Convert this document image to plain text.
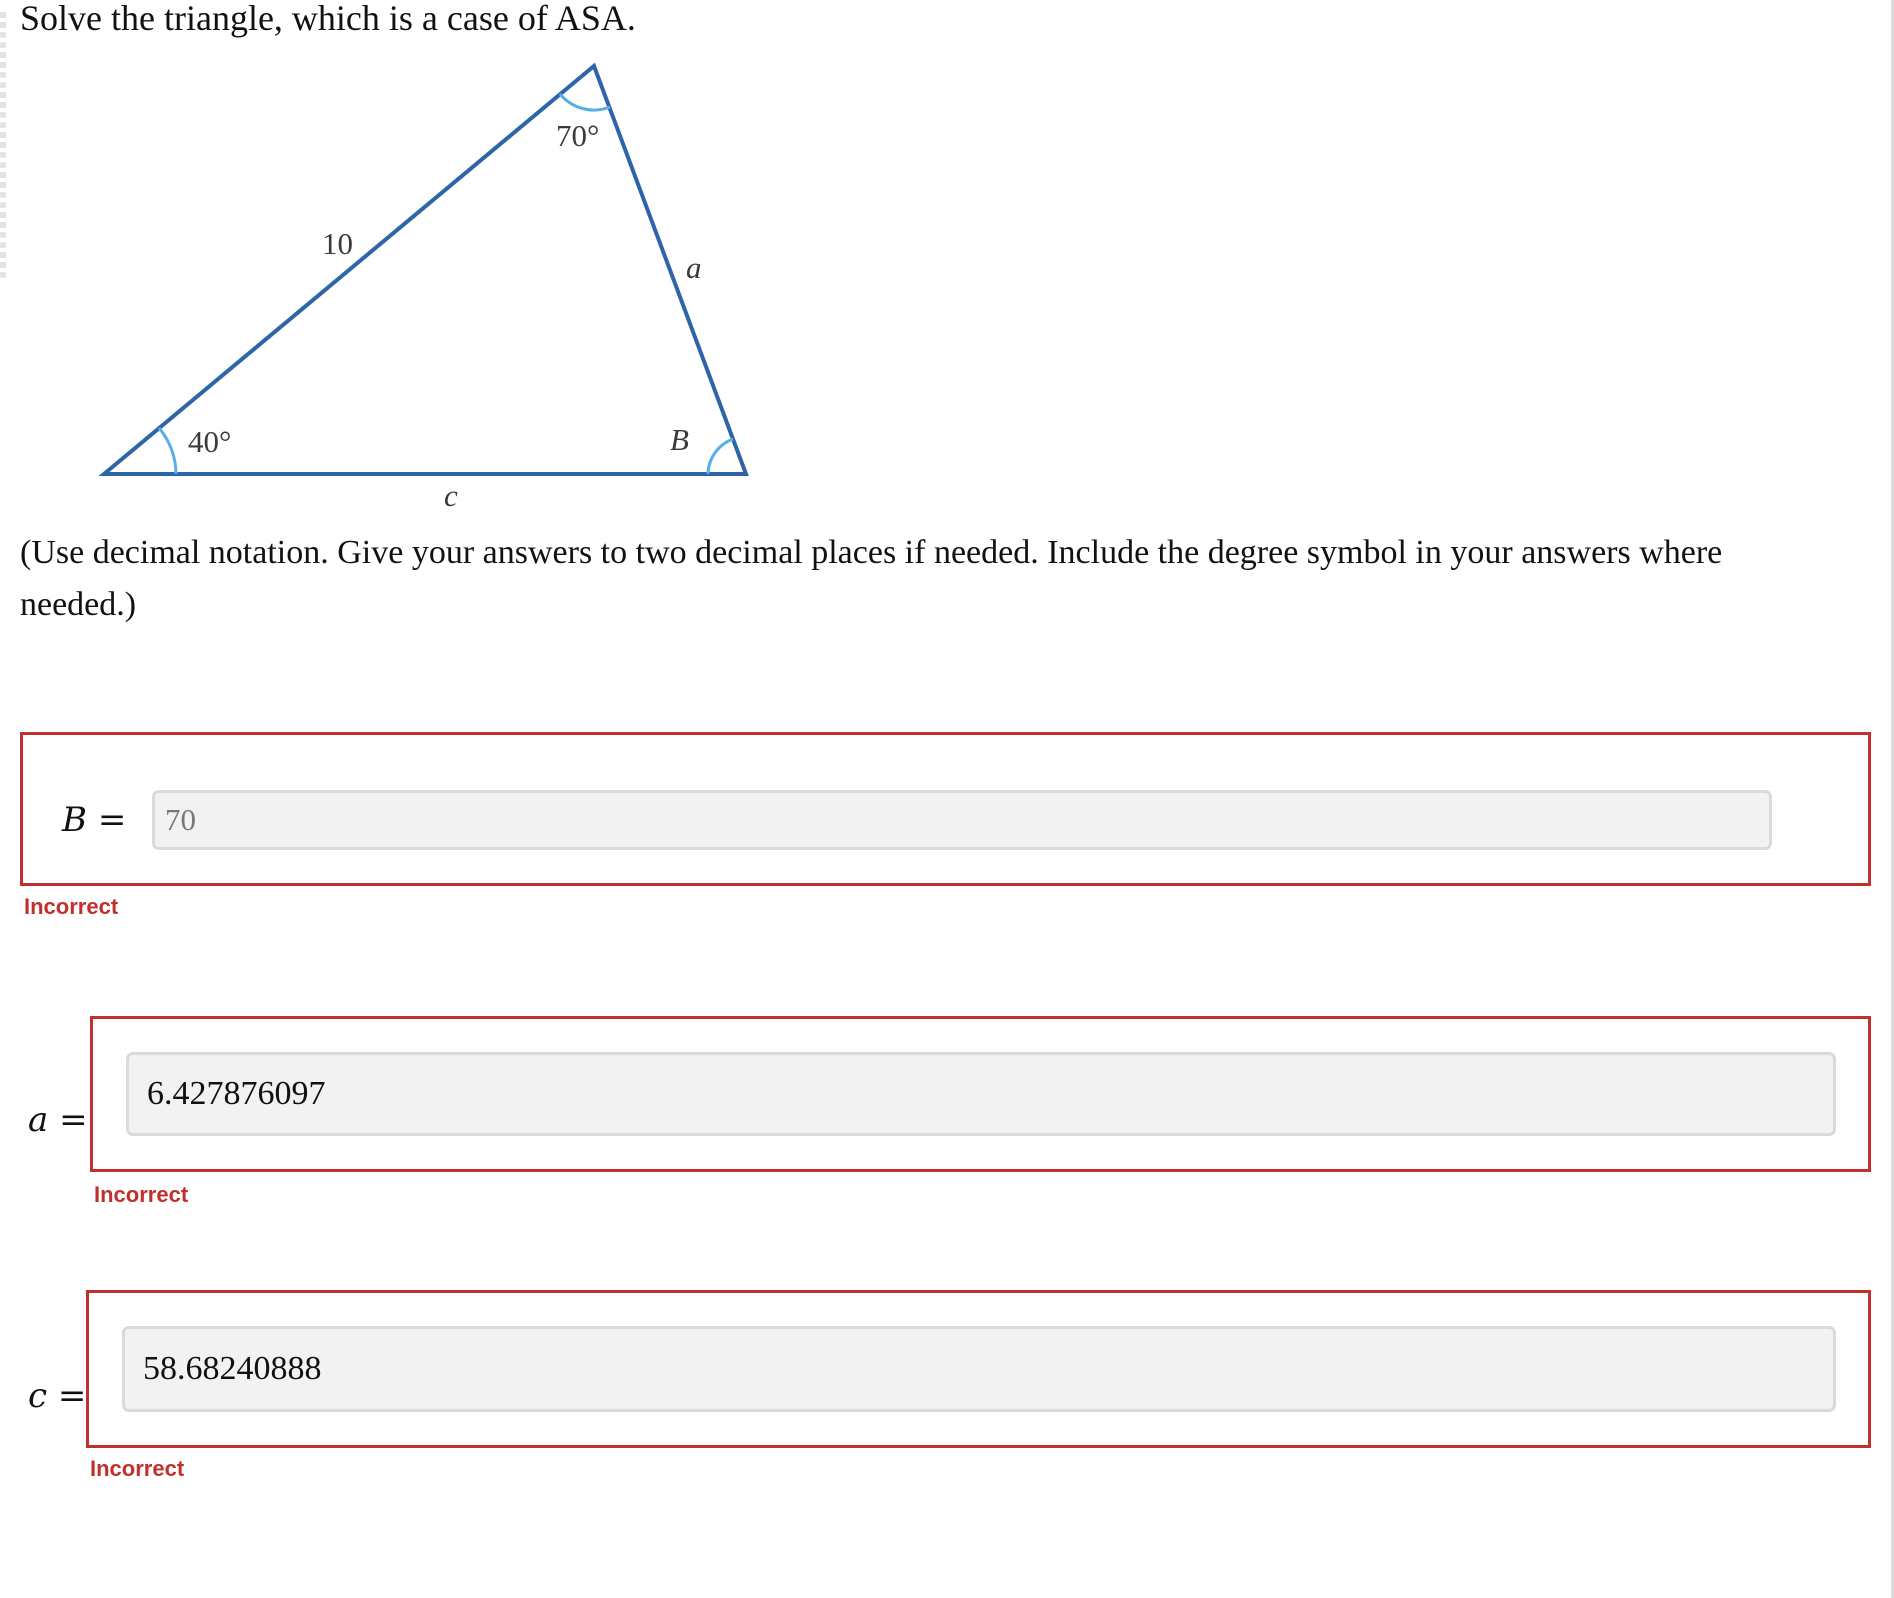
Solve the triangle, which is a case of ASA.
40°
70°
10
a
B
c

(Use decimal notation. Give your answers to two decimal places if needed. Include the degree symbol in your answers where needed.)

B =	70
Incorrect
a =
6.427876097
Incorrect
c =
58.68240888
Incorrect
